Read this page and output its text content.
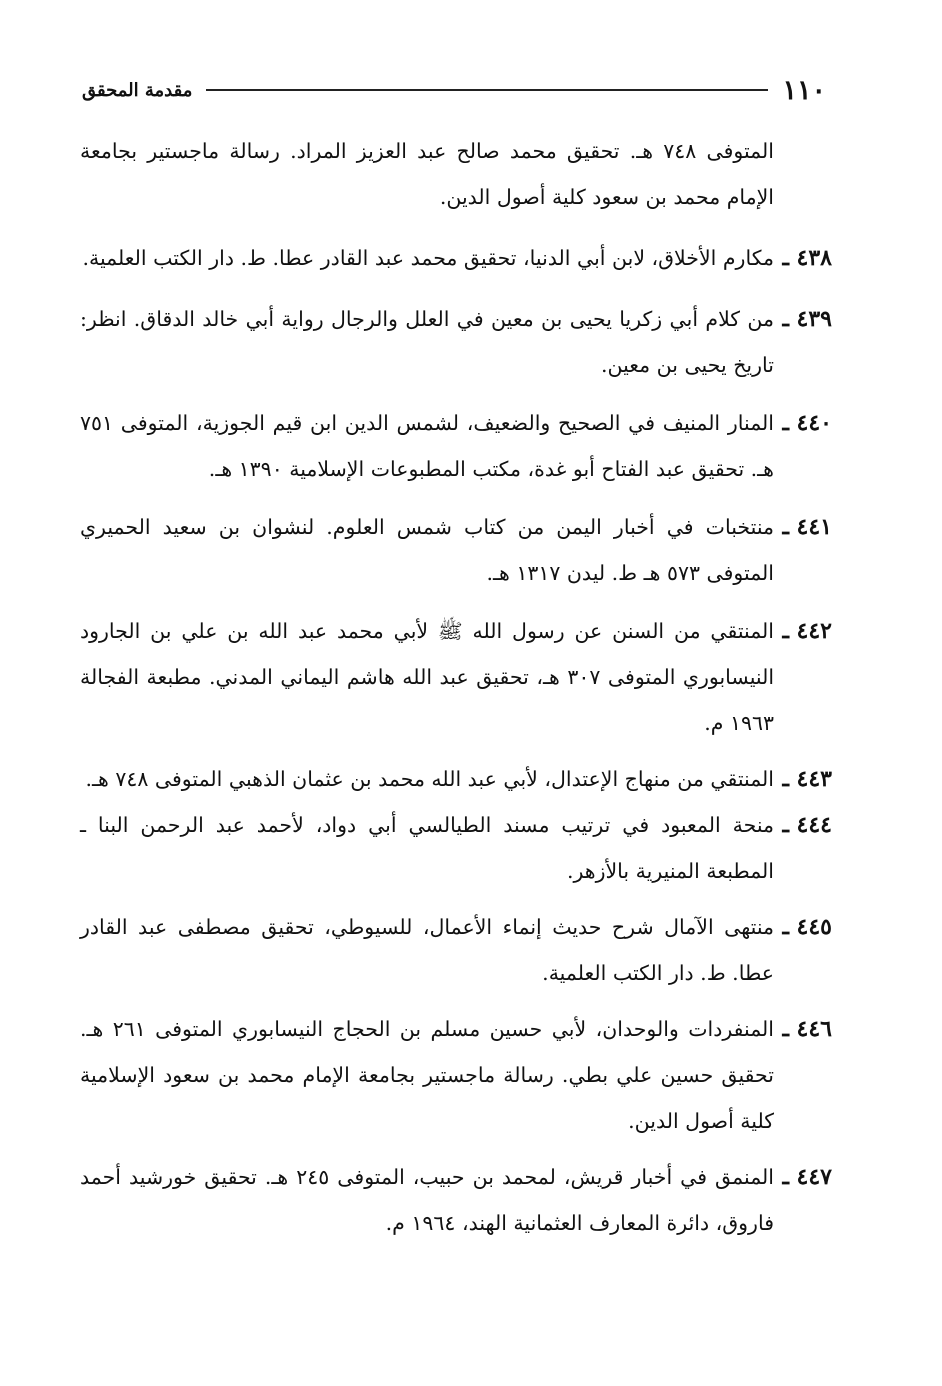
١١٠
مقدمة المحقق
المتوفى ٧٤٨ هـ. تحقيق محمد صالح عبد العزيز المراد. رسالة ماجستير بجامعة الإمام محمد بن سعود كلية أصول الدين.
٤٣٨ ـ
مكارم الأخلاق، لابن أبي الدنيا، تحقيق محمد عبد القادر عطا. ط. دار الكتب العلمية.
٤٣٩ ـ
من كلام أبي زكريا يحيى بن معين في العلل والرجال رواية أبي خالد الدقاق. انظر: تاريخ يحيى بن معين.
٤٤٠ ـ
المنار المنيف في الصحيح والضعيف، لشمس الدين ابن قيم الجوزية، المتوفى ٧٥١ هـ. تحقيق عبد الفتاح أبو غدة، مكتب المطبوعات الإسلامية ١٣٩٠ هـ.
٤٤١ ـ
منتخبات في أخبار اليمن من كتاب شمس العلوم. لنشوان بن سعيد الحميري المتوفى ٥٧٣ هـ ط. ليدن ١٣١٧ هـ.
٤٤٢ ـ
المنتقي من السنن عن رسول الله ﷺ لأبي محمد عبد الله بن علي بن الجارود النيسابوري المتوفى ٣٠٧ هـ، تحقيق عبد الله هاشم اليماني المدني. مطبعة الفجالة ١٩٦٣ م.
٤٤٣ ـ
المنتقي من منهاج الإعتدال، لأبي عبد الله محمد بن عثمان الذهبي المتوفى ٧٤٨ هـ.
٤٤٤ ـ
منحة المعبود في ترتيب مسند الطيالسي أبي دواد، لأحمد عبد الرحمن البنا ـ المطبعة المنيرية بالأزهر.
٤٤٥ ـ
منتهى الآمال شرح حديث إنماء الأعمال، للسيوطي، تحقيق مصطفى عبد القادر عطا. ط. دار الكتب العلمية.
٤٤٦ ـ
المنفردات والوحدان، لأبي حسين مسلم بن الحجاج النيسابوري المتوفى ٢٦١ هـ. تحقيق حسين علي بطي. رسالة ماجستير بجامعة الإمام محمد بن سعود الإسلامية كلية أصول الدين.
٤٤٧ ـ
المنمق في أخبار قريش، لمحمد بن حبيب، المتوفى ٢٤٥ هـ. تحقيق خورشيد أحمد فاروق، دائرة المعارف العثمانية الهند، ١٩٦٤ م.
